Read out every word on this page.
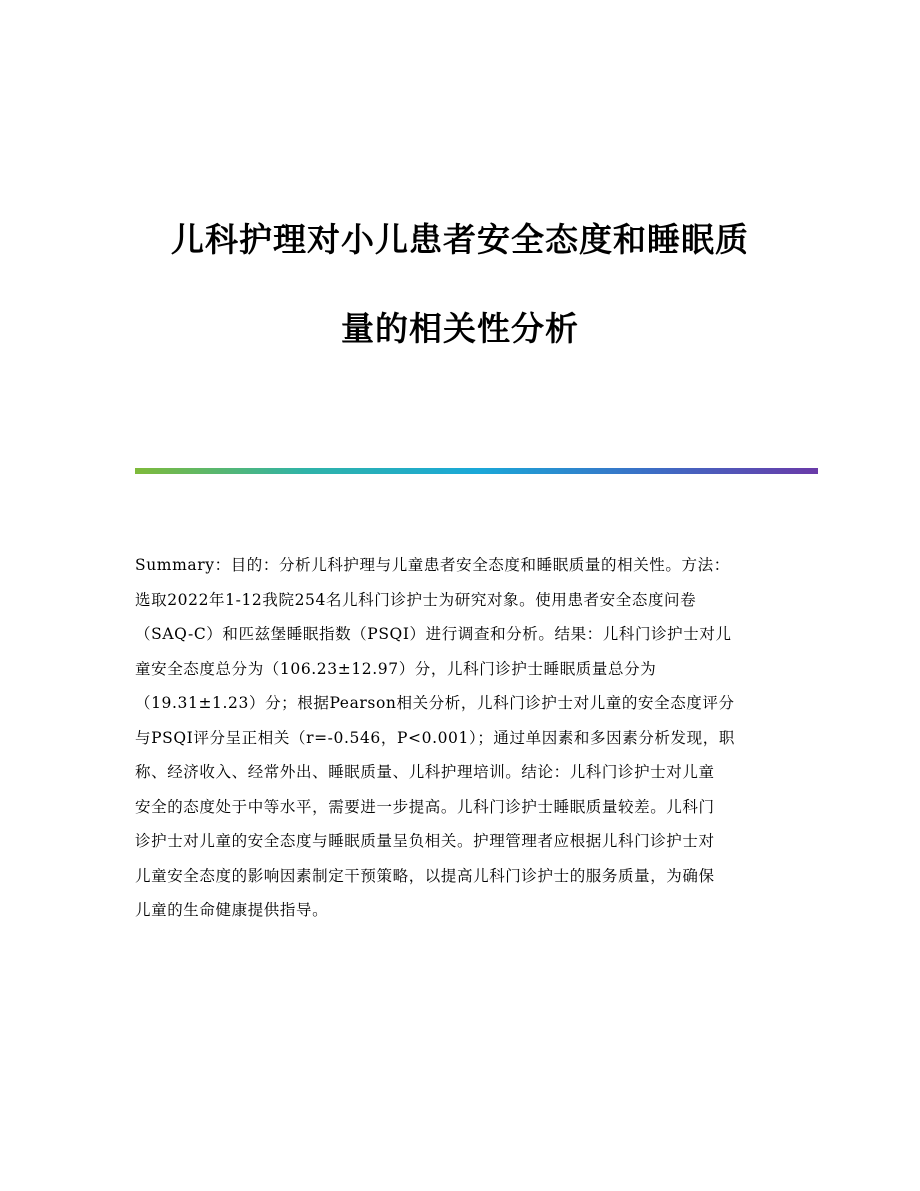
儿科护理对小儿患者安全态度和睡眠质
量的相关性分析

Summary：目的：分析儿科护理与儿童患者安全态度和睡眠质量的相关性。方法：
选取2022年1-12我院254名儿科门诊护士为研究对象。使用患者安全态度问卷
（SAQ-C）和匹兹堡睡眠指数（PSQI）进行调查和分析。结果：儿科门诊护士对儿
童安全态度总分为（106.23±12.97）分，儿科门诊护士睡眠质量总分为
（19.31±1.23）分；根据Pearson相关分析，儿科门诊护士对儿童的安全态度评分
与PSQI评分呈正相关（r=-0.546，P<0.001）；通过单因素和多因素分析发现，职
称、经济收入、经常外出、睡眠质量、儿科护理培训。结论：儿科门诊护士对儿童
安全的态度处于中等水平，需要进一步提高。儿科门诊护士睡眠质量较差。儿科门
诊护士对儿童的安全态度与睡眠质量呈负相关。护理管理者应根据儿科门诊护士对
儿童安全态度的影响因素制定干预策略，以提高儿科门诊护士的服务质量，为确保
儿童的生命健康提供指导。
